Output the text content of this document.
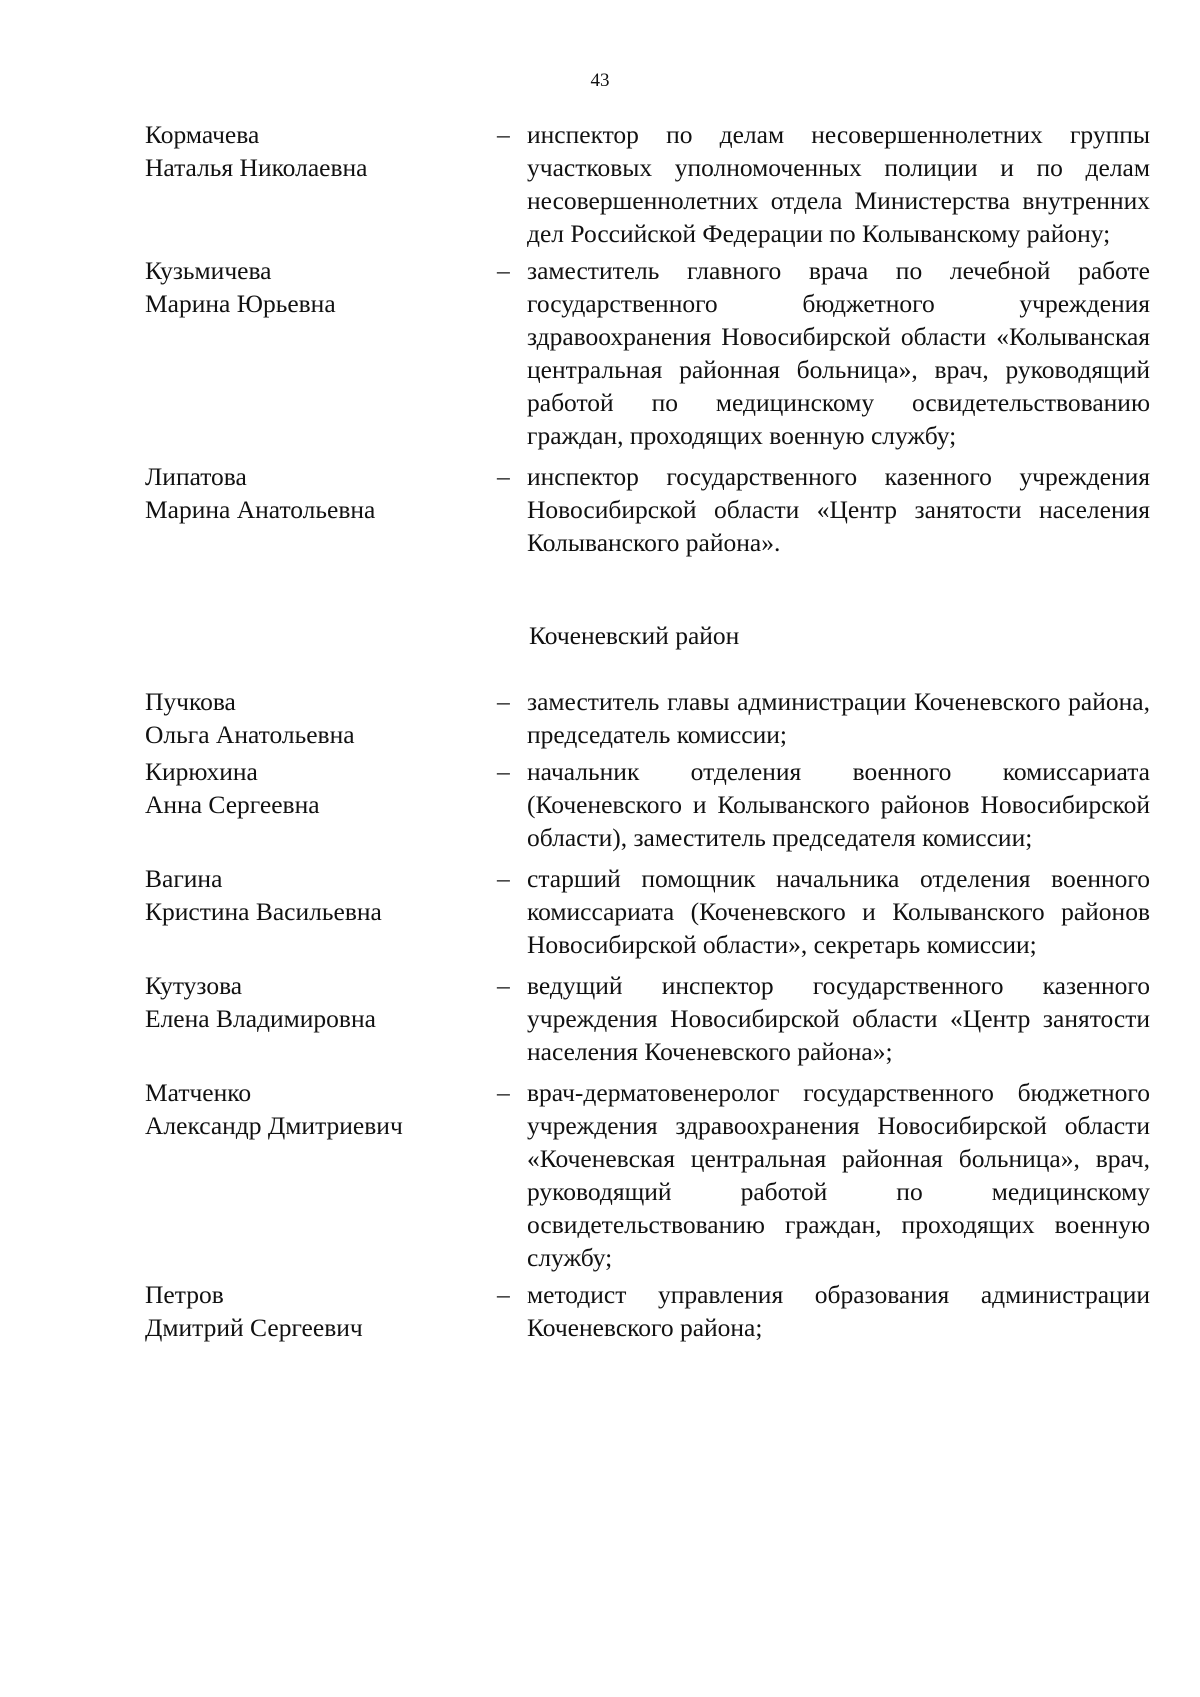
43
Кормачева
Наталья Николаевна
– инспектор по делам несовершеннолетних группы участковых уполномоченных полиции и по делам несовершеннолетних отдела Министерства внутренних дел Российской Федерации по Колыванскому району;
Кузьмичева
Марина Юрьевна
– заместитель главного врача по лечебной работе государственного бюджетного учреждения здравоохранения Новосибирской области «Колыванская центральная районная больница», врач, руководящий работой по медицинскому освидетельствованию граждан, проходящих военную службу;
Липатова
Марина Анатольевна
– инспектор государственного казенного учреждения Новосибирской области «Центр занятости населения Колыванского района».
Коченевский район
Пучкова
Ольга Анатольевна
– заместитель главы администрации Коченевского района, председатель комиссии;
Кирюхина
Анна Сергеевна
– начальник отделения военного комиссариата (Коченевского и Колыванского районов Новосибирской области), заместитель председателя комиссии;
Вагина
Кристина Васильевна
– старший помощник начальника отделения военного комиссариата (Коченевского и Колыванского районов Новосибирской области», секретарь комиссии;
Кутузова
Елена Владимировна
– ведущий инспектор государственного казенного учреждения Новосибирской области «Центр занятости населения Коченевского района»;
Матченко
Александр Дмитриевич
– врач-дерматовенеролог государственного бюджетного учреждения здравоохранения Новосибирской области «Коченевская центральная районная больница», врач, руководящий работой по медицинскому освидетельствованию граждан, проходящих военную службу;
Петров
Дмитрий Сергеевич
– методист управления образования администрации Коченевского района;
